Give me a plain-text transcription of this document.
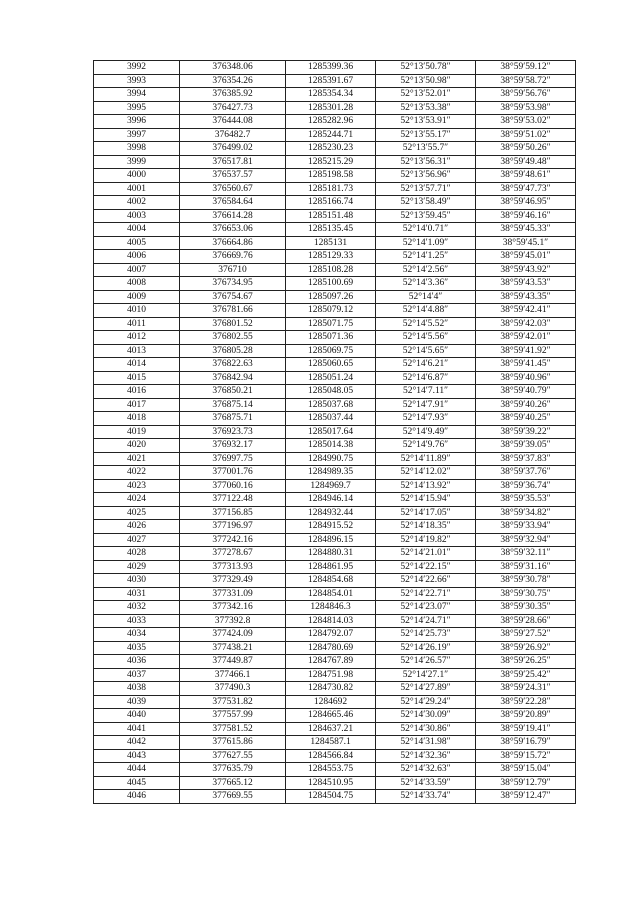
3992	376348.06	1285399.36	52°13′50.78″	38°59′59.12″
3993	376354.26	1285391.67	52°13′50.98″	38°59′58.72″
3994	376385.92	1285354.34	52°13′52.01″	38°59′56.76″
3995	376427.73	1285301.28	52°13′53.38″	38°59′53.98″
3996	376444.08	1285282.96	52°13′53.91″	38°59′53.02″
3997	376482.7	1285244.71	52°13′55.17″	38°59′51.02″
3998	376499.02	1285230.23	52°13′55.7″	38°59′50.26″
3999	376517.81	1285215.29	52°13′56.31″	38°59′49.48″
4000	376537.57	1285198.58	52°13′56.96″	38°59′48.61″
4001	376560.67	1285181.73	52°13′57.71″	38°59′47.73″
4002	376584.64	1285166.74	52°13′58.49″	38°59′46.95″
4003	376614.28	1285151.48	52°13′59.45″	38°59′46.16″
4004	376653.06	1285135.45	52°14′0.71″	38°59′45.33″
4005	376664.86	1285131	52°14′1.09″	38°59′45.1″
4006	376669.76	1285129.33	52°14′1.25″	38°59′45.01″
4007	376710	1285108.28	52°14′2.56″	38°59′43.92″
4008	376734.95	1285100.69	52°14′3.36″	38°59′43.53″
4009	376754.67	1285097.26	52°14′4″	38°59′43.35″
4010	376781.66	1285079.12	52°14′4.88″	38°59′42.41″
4011	376801.52	1285071.75	52°14′5.52″	38°59′42.03″
4012	376802.55	1285071.36	52°14′5.56″	38°59′42.01″
4013	376805.28	1285069.75	52°14′5.65″	38°59′41.92″
4014	376822.63	1285060.65	52°14′6.21″	38°59′41.45″
4015	376842.94	1285051.24	52°14′6.87″	38°59′40.96″
4016	376850.21	1285048.05	52°14′7.11″	38°59′40.79″
4017	376875.14	1285037.68	52°14′7.91″	38°59′40.26″
4018	376875.71	1285037.44	52°14′7.93″	38°59′40.25″
4019	376923.73	1285017.64	52°14′9.49″	38°59′39.22″
4020	376932.17	1285014.38	52°14′9.76″	38°59′39.05″
4021	376997.75	1284990.75	52°14′11.89″	38°59′37.83″
4022	377001.76	1284989.35	52°14′12.02″	38°59′37.76″
4023	377060.16	1284969.7	52°14′13.92″	38°59′36.74″
4024	377122.48	1284946.14	52°14′15.94″	38°59′35.53″
4025	377156.85	1284932.44	52°14′17.05″	38°59′34.82″
4026	377196.97	1284915.52	52°14′18.35″	38°59′33.94″
4027	377242.16	1284896.15	52°14′19.82″	38°59′32.94″
4028	377278.67	1284880.31	52°14′21.01″	38°59′32.11″
4029	377313.93	1284861.95	52°14′22.15″	38°59′31.16″
4030	377329.49	1284854.68	52°14′22.66″	38°59′30.78″
4031	377331.09	1284854.01	52°14′22.71″	38°59′30.75″
4032	377342.16	1284846.3	52°14′23.07″	38°59′30.35″
4033	377392.8	1284814.03	52°14′24.71″	38°59′28.66″
4034	377424.09	1284792.07	52°14′25.73″	38°59′27.52″
4035	377438.21	1284780.69	52°14′26.19″	38°59′26.92″
4036	377449.87	1284767.89	52°14′26.57″	38°59′26.25″
4037	377466.1	1284751.98	52°14′27.1″	38°59′25.42″
4038	377490.3	1284730.82	52°14′27.89″	38°59′24.31″
4039	377531.82	1284692	52°14′29.24″	38°59′22.28″
4040	377557.99	1284665.46	52°14′30.09″	38°59′20.89″
4041	377581.52	1284637.21	52°14′30.86″	38°59′19.41″
4042	377615.86	1284587.1	52°14′31.98″	38°59′16.79″
4043	377627.55	1284566.84	52°14′32.36″	38°59′15.72″
4044	377635.79	1284553.75	52°14′32.63″	38°59′15.04″
4045	377665.12	1284510.95	52°14′33.59″	38°59′12.79″
4046	377669.55	1284504.75	52°14′33.74″	38°59′12.47″
